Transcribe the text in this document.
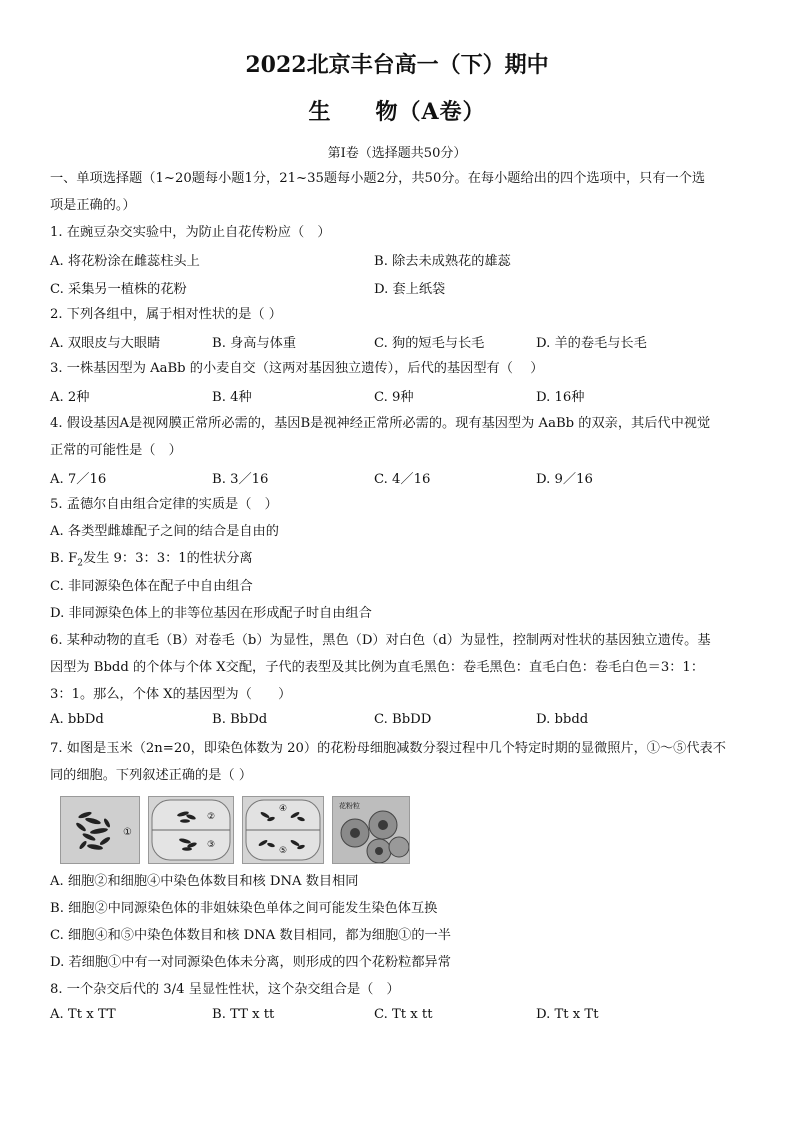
2022北京丰台高一（下）期中
生 物（A卷）
第Ⅰ卷（选择题共50分）
一、单项选择题（1~20题每小题1分，21~35题每小题2分，共50分。在每小题给出的四个选项中，只有一个选
项是正确的。）
1. 在豌豆杂交实验中，为防止自花传粉应（　）
A. 将花粉涂在雌蕊柱头上	B. 除去未成熟花的雄蕊
C. 采集另一植株的花粉	D. 套上纸袋
2. 下列各组中，属于相对性状的是（ ）
A. 双眼皮与大眼睛	B. 身高与体重	C. 狗的短毛与长毛	D. 羊的卷毛与长毛
3. 一株基因型为 AaBb 的小麦自交（这两对基因独立遗传），后代的基因型有（　 ）
A. 2种	B. 4种	C. 9种	D. 16种
4. 假设基因A是视网膜正常所必需的，基因B是视神经正常所必需的。现有基因型为 AaBb 的双亲，其后代中视觉
正常的可能性是（　）
A. 7／16	B. 3／16	C. 4／16	D. 9／16
5. 孟德尔自由组合定律的实质是（　）
A. 各类型雌雄配子之间的结合是自由的
B. $F_2$发生 9：3：3：1的性状分离
C. 非同源染色体在配子中自由组合
D. 非同源染色体上的非等位基因在形成配子时自由组合
6. 某种动物的直毛（B）对卷毛（b）为显性，黑色（D）对白色（d）为显性，控制两对性状的基因独立遗传。基
因型为 Bbdd 的个体与个体 X交配，子代的表型及其比例为直毛黑色：卷毛黑色：直毛白色：卷毛白色＝3：1：
3：1。那么，个体 X的基因型为（　　）
A. bbDd	B. BbDd	C. BbDD	D. bbdd
7. 如图是玉米（2n=20，即染色体数为 20）的花粉母细胞减数分裂过程中几个特定时期的显微照片，①～⑤代表不
同的细胞。下列叙述正确的是（ ）
①
②
③
④
⑤
花粉粒
A. 细胞②和细胞④中染色体数目和核 DNA 数目相同
B. 细胞②中同源染色体的非姐妹染色单体之间可能发生染色体互换
C. 细胞④和⑤中染色体数目和核 DNA 数目相同，都为细胞①的一半
D. 若细胞①中有一对同源染色体未分离，则形成的四个花粉粒都异常
8. 一个杂交后代的 3/4 呈显性性状，这个杂交组合是（　）
A. Tt x TT	B. TT x tt	C. Tt x tt	D. Tt x Tt
